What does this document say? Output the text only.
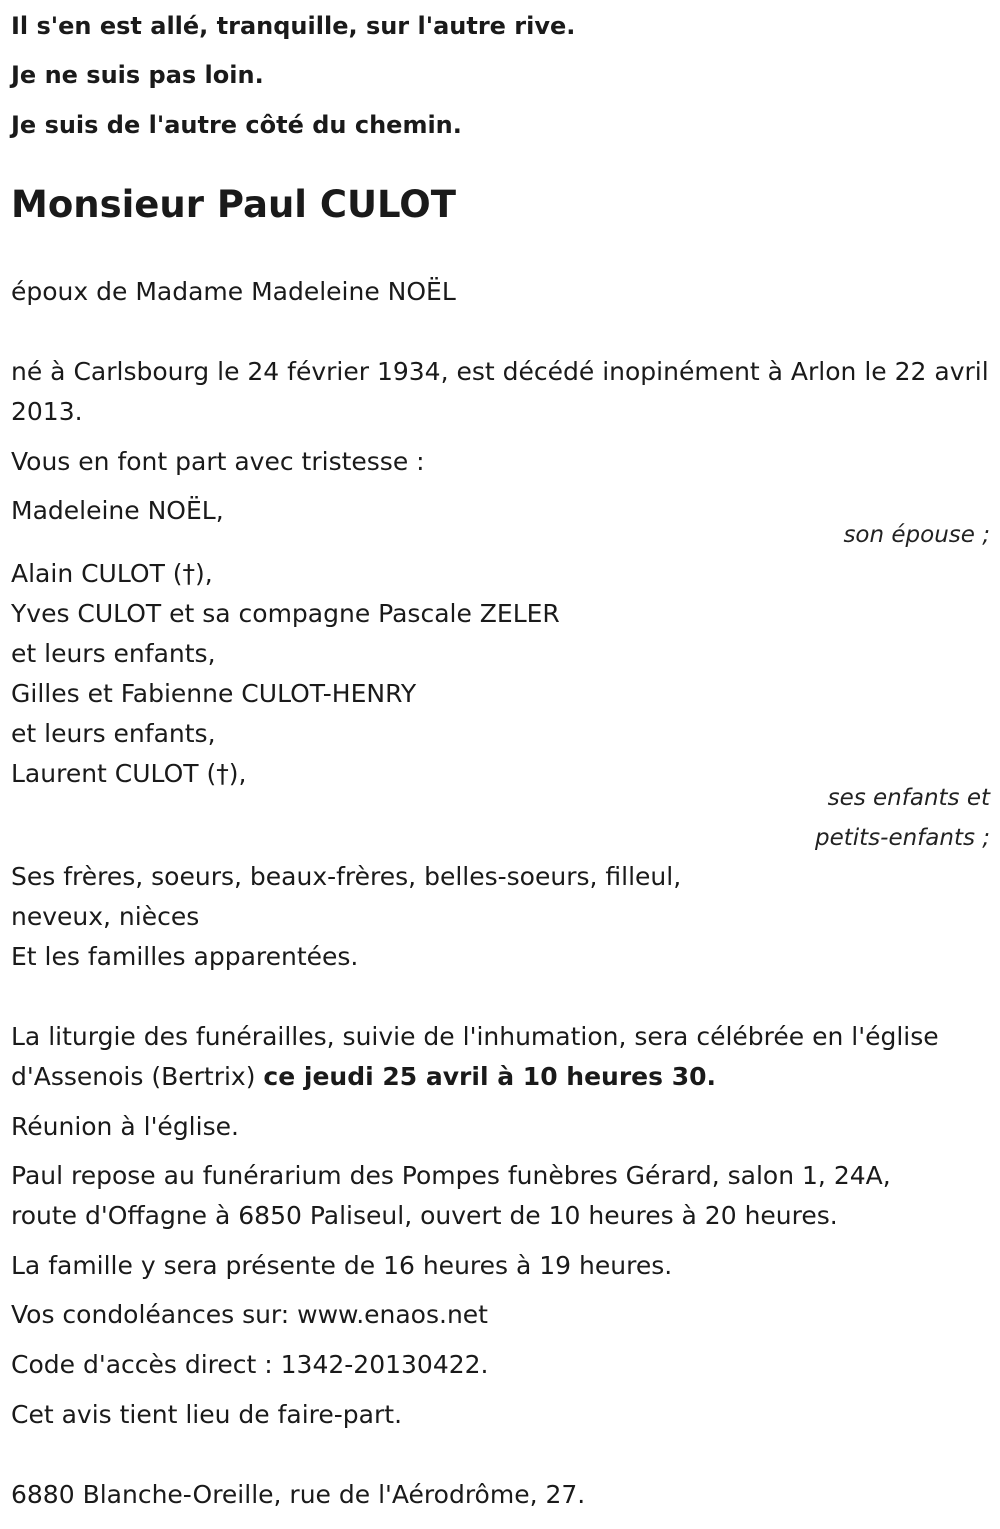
Il s'en est allé, tranquille, sur l'autre rive.

Je ne suis pas loin.

Je suis de l'autre côté du chemin.

Monsieur Paul CULOT

époux de Madame Madeleine NOËL

né à Carlsbourg le 24 février 1934, est décédé inopinément à Arlon le 22 avril 2013.

Vous en font part avec tristesse :

Madeleine NOËL,

son épouse ;

Alain CULOT (†),

Yves CULOT et sa compagne Pascale ZELER

et leurs enfants,

Gilles et Fabienne CULOT-HENRY

et leurs enfants,

Laurent CULOT (†),

ses enfants et

petits-enfants ;

Ses frères, soeurs, beaux-frères, belles-soeurs, filleul,

neveux, nièces

Et les familles apparentées.

La liturgie des funérailles, suivie de l'inhumation, sera célébrée en l'église

d'Assenois (Bertrix) ce jeudi 25 avril à 10 heures 30.

Réunion à l'église.

Paul repose au funérarium des Pompes funèbres Gérard, salon 1, 24A,

route d'Offagne à 6850 Paliseul, ouvert de 10 heures à 20 heures.

La famille y sera présente de 16 heures à 19 heures.

Vos condoléances sur: www.enaos.net

Code d'accès direct : 1342-20130422.

Cet avis tient lieu de faire-part.

6880 Blanche-Oreille, rue de l'Aérodrôme, 27.
